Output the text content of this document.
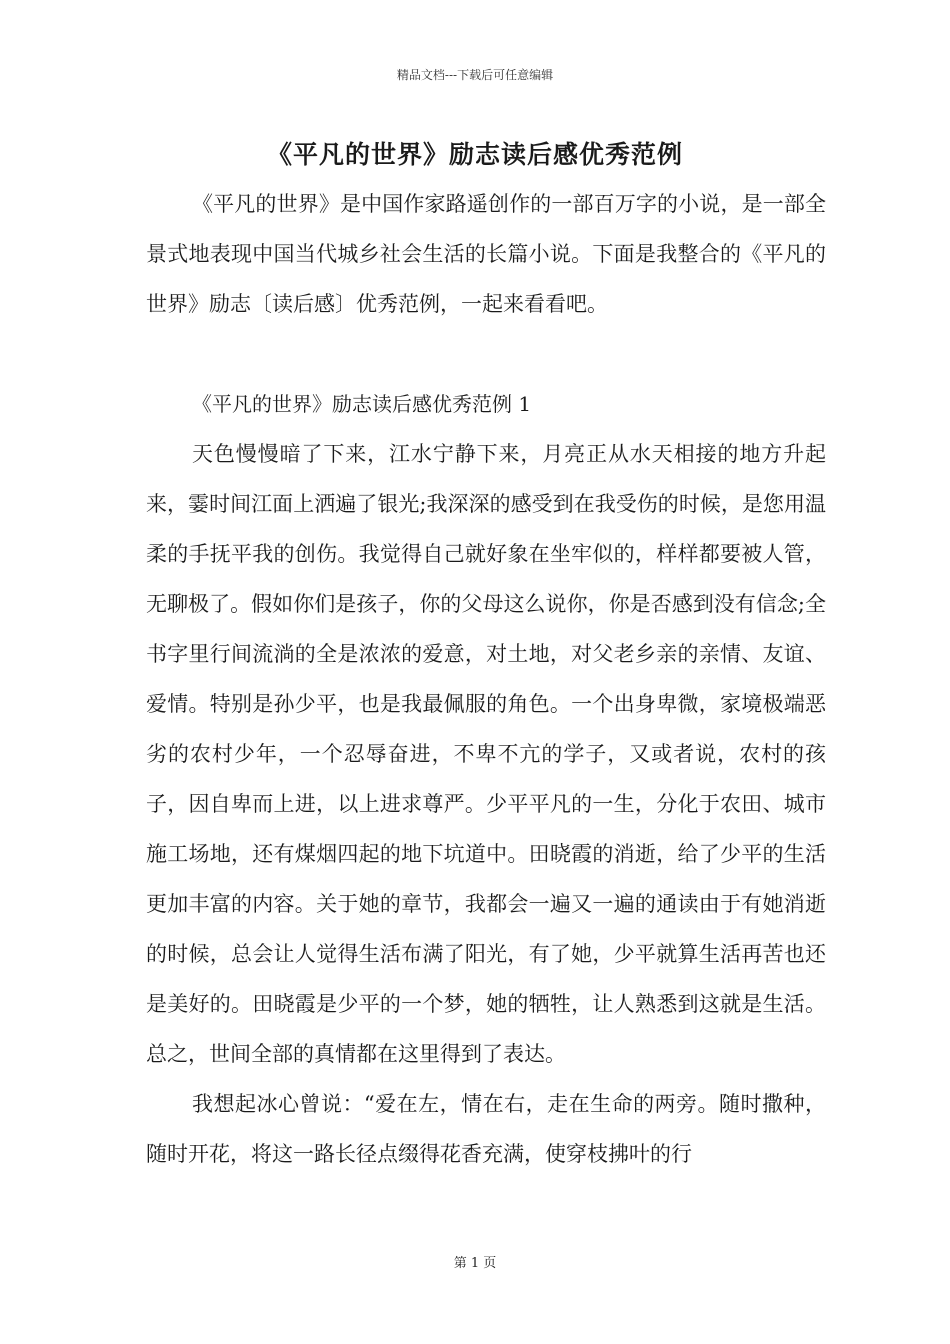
精品文档---下载后可任意编辑
《平凡的世界》励志读后感优秀范例

《平凡的世界》是中国作家路遥创作的一部百万字的小说，是一部全景式地表现中国当代城乡社会生活的长篇小说。下面是我整合的《平凡的世界》励志〔读后感〕优秀范例，一起来看看吧。

《平凡的世界》励志读后感优秀范例 1

天色慢慢暗了下来，江水宁静下来，月亮正从水天相接的地方升起来，霎时间江面上洒遍了银光;我深深的感受到在我受伤的时候，是您用温柔的手抚平我的创伤。我觉得自己就好象在坐牢似的，样样都要被人管，无聊极了。假如你们是孩子，你的父母这么说你，你是否感到没有信念;全书字里行间流淌的全是浓浓的爱意，对土地，对父老乡亲的亲情、友谊、爱情。特别是孙少平，也是我最佩服的角色。一个出身卑微，家境极端恶劣的农村少年，一个忍辱奋进，不卑不亢的学子，又或者说，农村的孩子，因自卑而上进，以上进求尊严。少平平凡的一生，分化于农田、城市施工场地，还有煤烟四起的地下坑道中。田晓霞的消逝，给了少平的生活更加丰富的内容。关于她的章节，我都会一遍又一遍的通读由于有她消逝的时候，总会让人觉得生活布满了阳光，有了她，少平就算生活再苦也还是美好的。田晓霞是少平的一个梦，她的牺牲，让人熟悉到这就是生活。总之，世间全部的真情都在这里得到了表达。

我想起冰心曾说：“爱在左，情在右，走在生命的两旁。随时撒种，随时开花，将这一路长径点缀得花香充满，使穿枝拂叶的行

第 1 页
